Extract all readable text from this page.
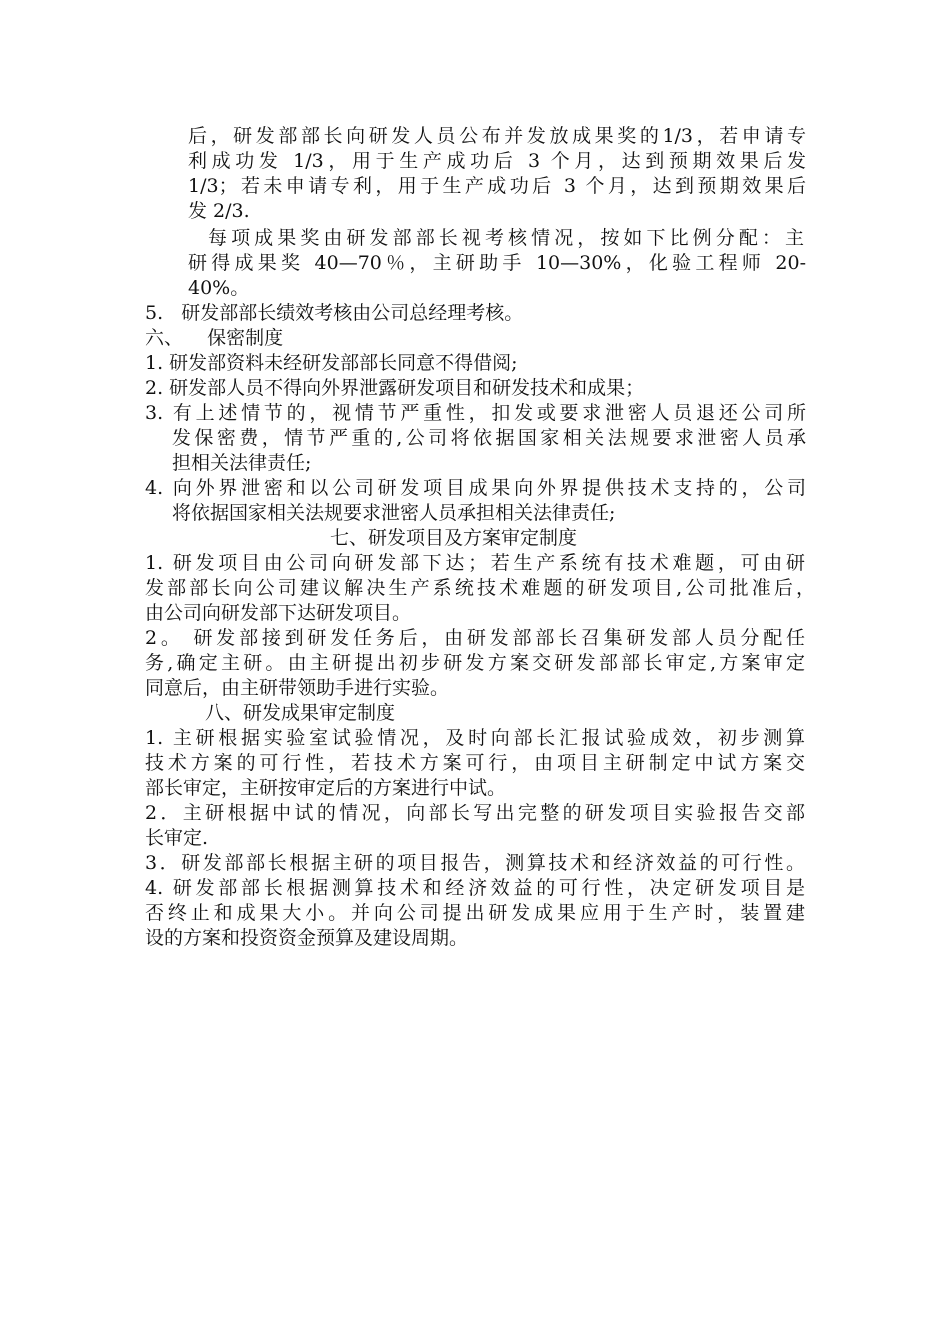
后，研发部部长向研发人员公布并发放成果奖的1/3，若申请专
利成功发 1/3，用于生产成功后 3 个月，达到预期效果后发
1/3；若未申请专利，用于生产成功后 3 个月，达到预期效果后
发 2/3.
每项成果奖由研发部部长视考核情况，按如下比例分配：主
研得成果奖 40—70％，主研助手 10—30%，化验工程师 20-
40%。
5.   研发部部长绩效考核由公司总经理考核。
六、    保密制度
1. 研发部资料未经研发部部长同意不得借阅;
2. 研发部人员不得向外界泄露研发项目和研发技术和成果；
3. 有上述情节的，视情节严重性，扣发或要求泄密人员退还公司所
发保密费，情节严重的,公司将依据国家相关法规要求泄密人员承
担相关法律责任;
4. 向外界泄密和以公司研发项目成果向外界提供技术支持的，公司
将依据国家相关法规要求泄密人员承担相关法律责任;
七、研发项目及方案审定制度
1. 研发项目由公司向研发部下达；若生产系统有技术难题，可由研
发部部长向公司建议解决生产系统技术难题的研发项目,公司批准后，
由公司向研发部下达研发项目。
2。 研发部接到研发任务后，由研发部部长召集研发部人员分配任
务,确定主研。由主研提出初步研发方案交研发部部长审定,方案审定
同意后，由主研带领助手进行实验。
八、研发成果审定制度
1. 主研根据实验室试验情况，及时向部长汇报试验成效，初步测算
技术方案的可行性，若技术方案可行，由项目主研制定中试方案交
部长审定，主研按审定后的方案进行中试。
2．主研根据中试的情况，向部长写出完整的研发项目实验报告交部
长审定.
3．研发部部长根据主研的项目报告，测算技术和经济效益的可行性。
4. 研发部部长根据测算技术和经济效益的可行性，决定研发项目是
否终止和成果大小。并向公司提出研发成果应用于生产时，装置建
设的方案和投资资金预算及建设周期。
